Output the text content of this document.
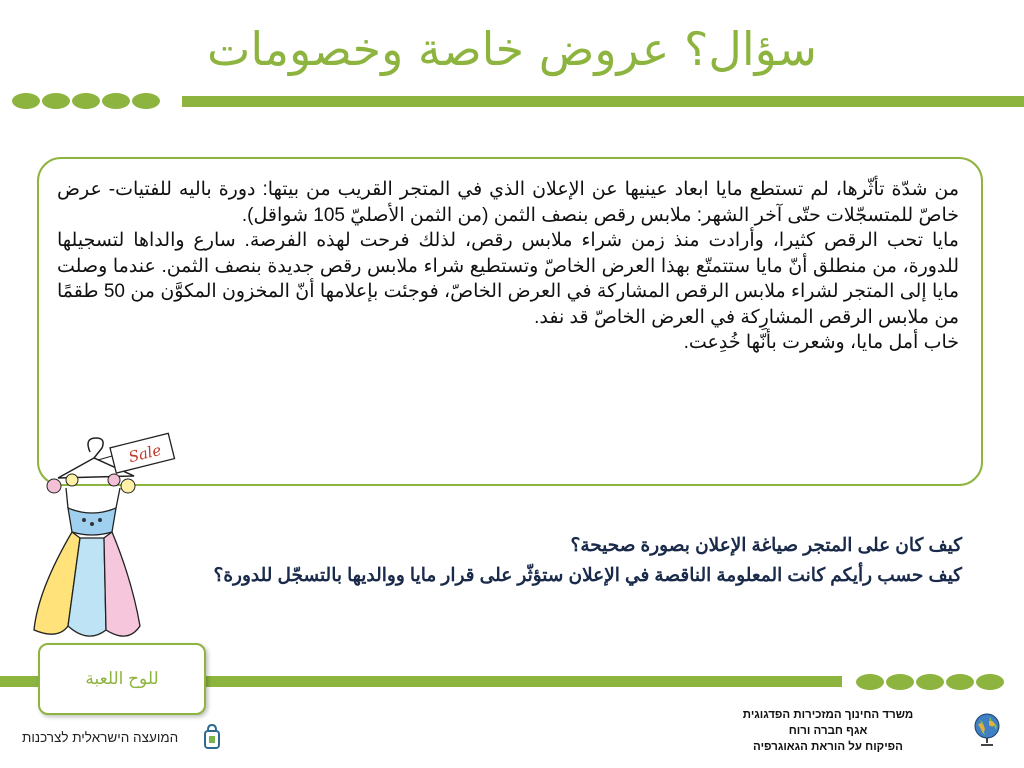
سؤال؟ عروض خاصة وخصومات

من شدّة تأثّرها، لم تستطع مايا ابعاد عينيها عن الإعلان الذي في المتجر القريب من بيتها: دورة باليه للفتيات- عرض خاصّ للمتسجّلات حتّى آخر الشهر: ملابس رقص بنصف الثمن (من الثمن الأصليّ 105 شواقل).

مايا تحب الرقص كثيرا، وأرادت منذ زمن شراء ملابس رقص، لذلك فرحت لهذه الفرصة. سارع والداها لتسجيلها للدورة، من منطلق أنّ مايا ستتمتّع بهذا العرض الخاصّ وتستطيع شراء ملابس رقص جديدة بنصف الثمن. عندما وصلت مايا إلى المتجر لشراء ملابس الرقص المشاركة في العرض الخاصّ، فوجئت بإعلامها أنّ المخزون المكوَّن من 50 طقمًا من ملابس الرقص المشارِكة في العرض الخاصّ قد نفد.

خاب أمل مايا، وشعرت بأنّها خُدِعت.

Sale

كيف كان على المتجر صياغة الإعلان بصورة صحيحة؟

كيف حسب رأيكم كانت المعلومة الناقصة في الإعلان ستؤثّر على قرار مايا ووالديها بالتسجّل للدورة؟

للوح اللعبة
משרד החינוך המזכירות הפדגוגית
אגף חברה ורוח
הפיקוח על הוראת הגאוגרפיה
המועצה הישראלית לצרכנות
